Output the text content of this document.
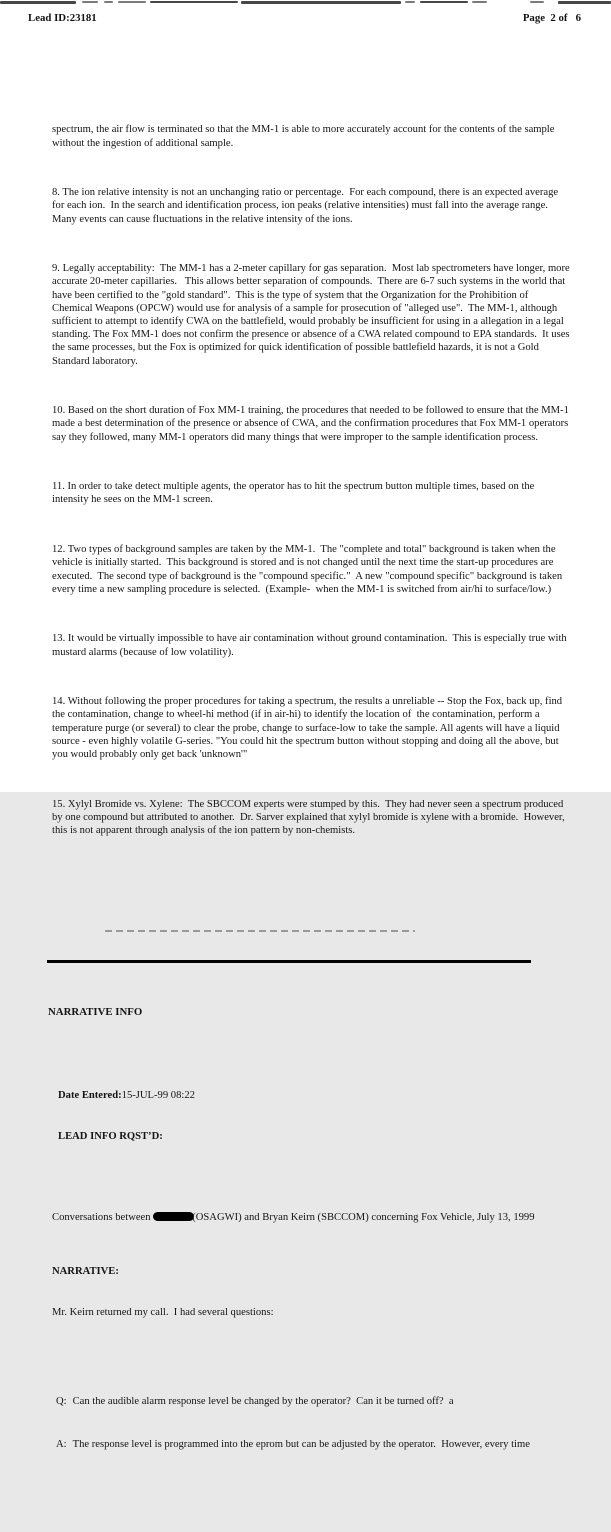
Lead ID:23181	Page  2 of   6

spectrum, the air flow is terminated so that the MM-1 is able to more accurately account for the contents of the sample without the ingestion of additional sample.

8. The ion relative intensity is not an unchanging ratio or percentage.  For each compound, there is an expected average for each ion.  In the search and identification process, ion peaks (relative intensities) must fall into the average range.  Many events can cause fluctuations in the relative intensity of the ions.

9. Legally acceptability:  The MM-1 has a 2-meter capillary for gas separation.  Most lab spectrometers have longer, more accurate 20-meter capillaries.   This allows better separation of compounds.  There are 6-7 such systems in the world that have been certified to the "gold standard".  This is the type of system that the Organization for the Prohibition of Chemical Weapons (OPCW) would use for analysis of a sample for prosecution of "alleged use".  The MM-1, although sufficient to attempt to identify CWA on the battlefield, would probably be insufficient for using in a allegation in a legal standing. The Fox MM-1 does not confirm the presence or absence of a CWA related compound to EPA standards.  It uses the same processes, but the Fox is optimized for quick identification of possible battlefield hazards, it is not a Gold Standard laboratory.

10. Based on the short duration of Fox MM-1 training, the procedures that needed to be followed to ensure that the MM-1 made a best determination of the presence or absence of CWA, and the confirmation procedures that Fox MM-1 operators say they followed, many MM-1 operators did many things that were improper to the sample identification process.

11. In order to take detect multiple agents, the operator has to hit the spectrum button multiple times, based on the intensity he sees on the MM-1 screen.

12. Two types of background samples are taken by the MM-1.  The "complete and total" background is taken when the vehicle is initially started.  This background is stored and is not changed until the next time the start-up procedures are executed.  The second type of background is the "compound specific."  A new "compound specific" background is taken every time a new sampling procedure is selected.  (Example-  when the MM-1 is switched from air/hi to surface/low.)

13. It would be virtually impossible to have air contamination without ground contamination.  This is especially true with mustard alarms (because of low volatility).

14. Without following the proper procedures for taking a spectrum, the results a unreliable -- Stop the Fox, back up, find the contamination, change to wheel-hi method (if in air-hi) to identify the location of  the contamination, perform a temperature purge (or several) to clear the probe, change to surface-low to take the sample. All agents will have a liquid source - even highly volatile G-series. "You could hit the spectrum button without stopping and doing all the above, but you would probably only get back 'unknown'"

15. Xylyl Bromide vs. Xylene:  The SBCCOM experts were stumped by this.  They had never seen a spectrum produced by one compound but attributed to another.  Dr. Sarver explained that xylyl bromide is xylene with a bromide.  However, this is not apparent through analysis of the ion pattern by non-chemists.

NARRATIVE INFO

Date Entered:15-JUL-99 08:22

LEAD INFO RQST’D:

Conversations between	(OSAGWI) and Bryan Keirn (SBCCOM) concerning Fox Vehicle, July 13, 1999

NARRATIVE:

Mr. Keirn returned my call.  I had several questions:

Q: Can the audible alarm response level be changed by the operator?  Can it be turned off?  a

A: The response level is programmed into the eprom but can be adjusted by the operator.  However, every time
